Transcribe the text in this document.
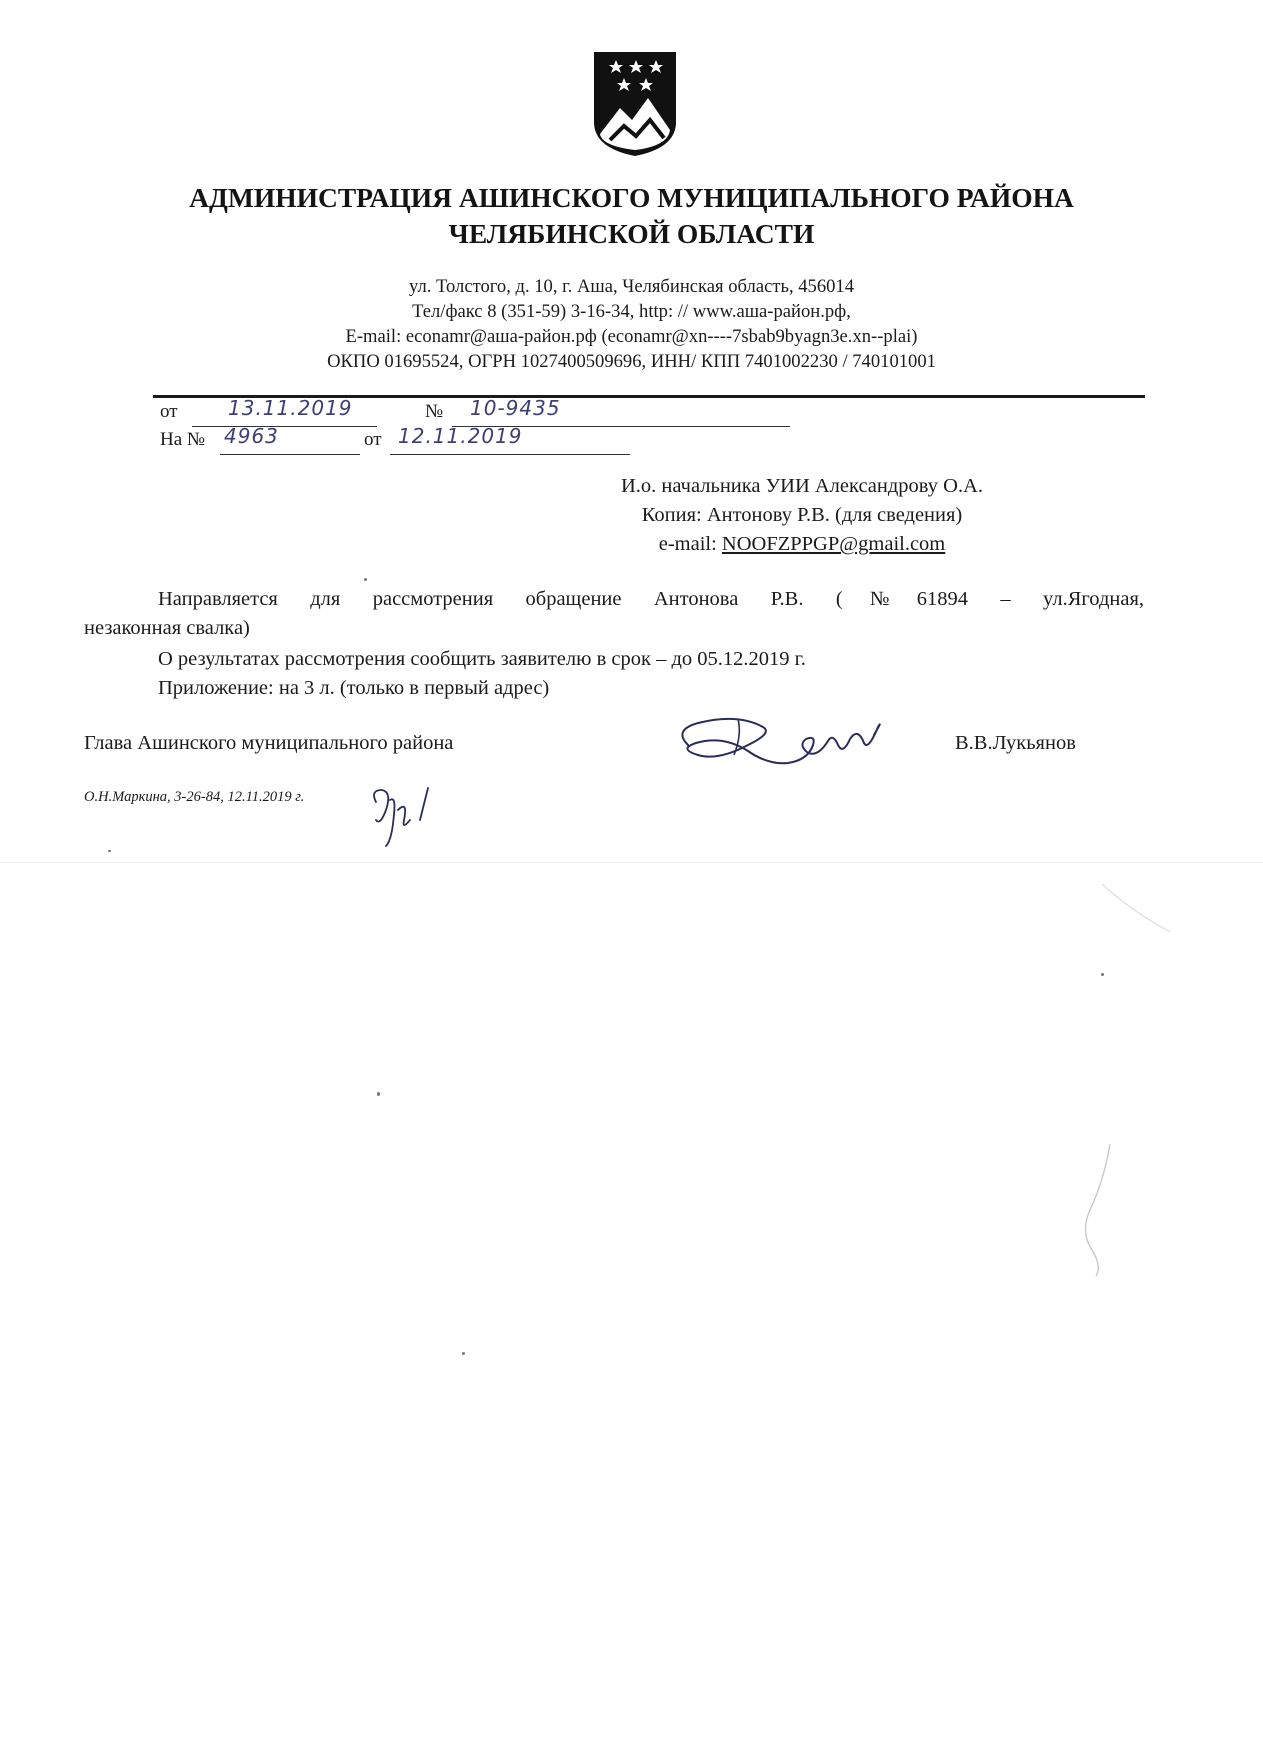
АДМИНИСТРАЦИЯ АШИНСКОГО МУНИЦИПАЛЬНОГО РАЙОНА
ЧЕЛЯБИНСКОЙ ОБЛАСТИ
ул. Толстого, д. 10, г. Аша, Челябинская область, 456014
Тел/факс 8 (351-59) 3-16-34, http: // www.аша-район.рф,
E-mail: econamr@аша-район.рф (econamr@xn----7sbab9byagn3e.xn--plai)
ОКПО 01695524, ОГРН 1027400509696, ИНН/ КПП 7401002230 / 740101001
от	13.11.2019	№ 10-9435
На № 4963	от 12.11.2019
И.о. начальника УИИ Александрову О.А.
Копия: Антонову Р.В. (для сведения)
e-mail: NOOFZPPGP@gmail.com
Направляется для рассмотрения обращение Антонова Р.В. (№61894 – ул.Ягодная,
незаконная свалка)
О результатах рассмотрения сообщить заявителю в срок – до 05.12.2019 г.
Приложение: на 3 л. (только в первый адрес)
Глава Ашинского муниципального района	В.В.Лукьянов
О.Н.Маркина, 3-26-84, 12.11.2019 г.
